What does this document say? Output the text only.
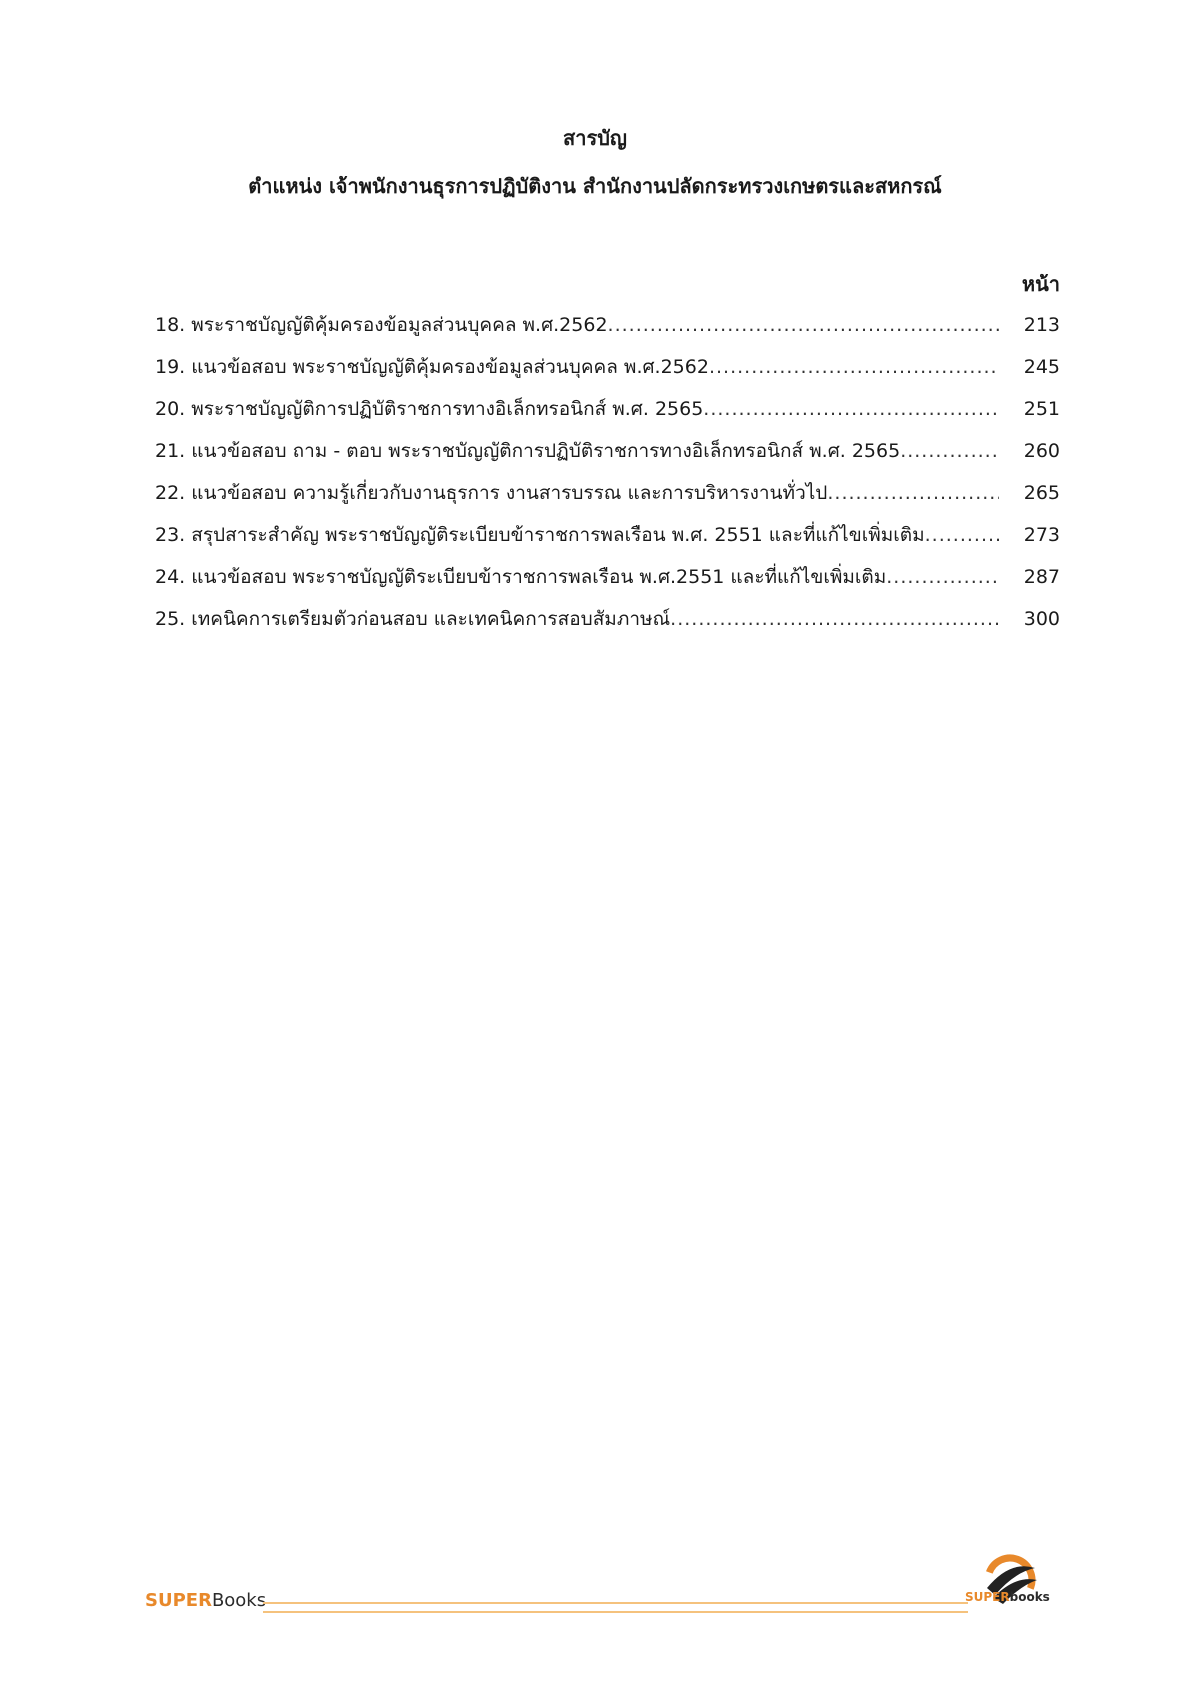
สารบัญ
ตำแหน่ง เจ้าพนักงานธุรการปฏิบัติงาน สำนักงานปลัดกระทรวงเกษตรและสหกรณ์
หน้า
18. พระราชบัญญัติคุ้มครองข้อมูลส่วนบุคคล พ.ศ.2562 .....	213
19. แนวข้อสอบ พระราชบัญญัติคุ้มครองข้อมูลส่วนบุคคล พ.ศ.2562 .....	245
20. พระราชบัญญัติการปฏิบัติราชการทางอิเล็กทรอนิกส์ พ.ศ. 2565 .....	251
21. แนวข้อสอบ ถาม - ตอบ พระราชบัญญัติการปฏิบัติราชการทางอิเล็กทรอนิกส์ พ.ศ. 2565 .....	260
22. แนวข้อสอบ ความรู้เกี่ยวกับงานธุรการ งานสารบรรณ และการบริหารงานทั่วไป .....	265
23. สรุปสาระสำคัญ พระราชบัญญัติระเบียบข้าราชการพลเรือน พ.ศ. 2551 และที่แก้ไขเพิ่มเติม .....	273
24. แนวข้อสอบ พระราชบัญญัติระเบียบข้าราชการพลเรือน พ.ศ.2551 และที่แก้ไขเพิ่มเติม .....	287
25. เทคนิคการเตรียมตัวก่อนสอบ และเทคนิคการสอบสัมภาษณ์ .....	300
SUPERBooks	SUPERbooks
